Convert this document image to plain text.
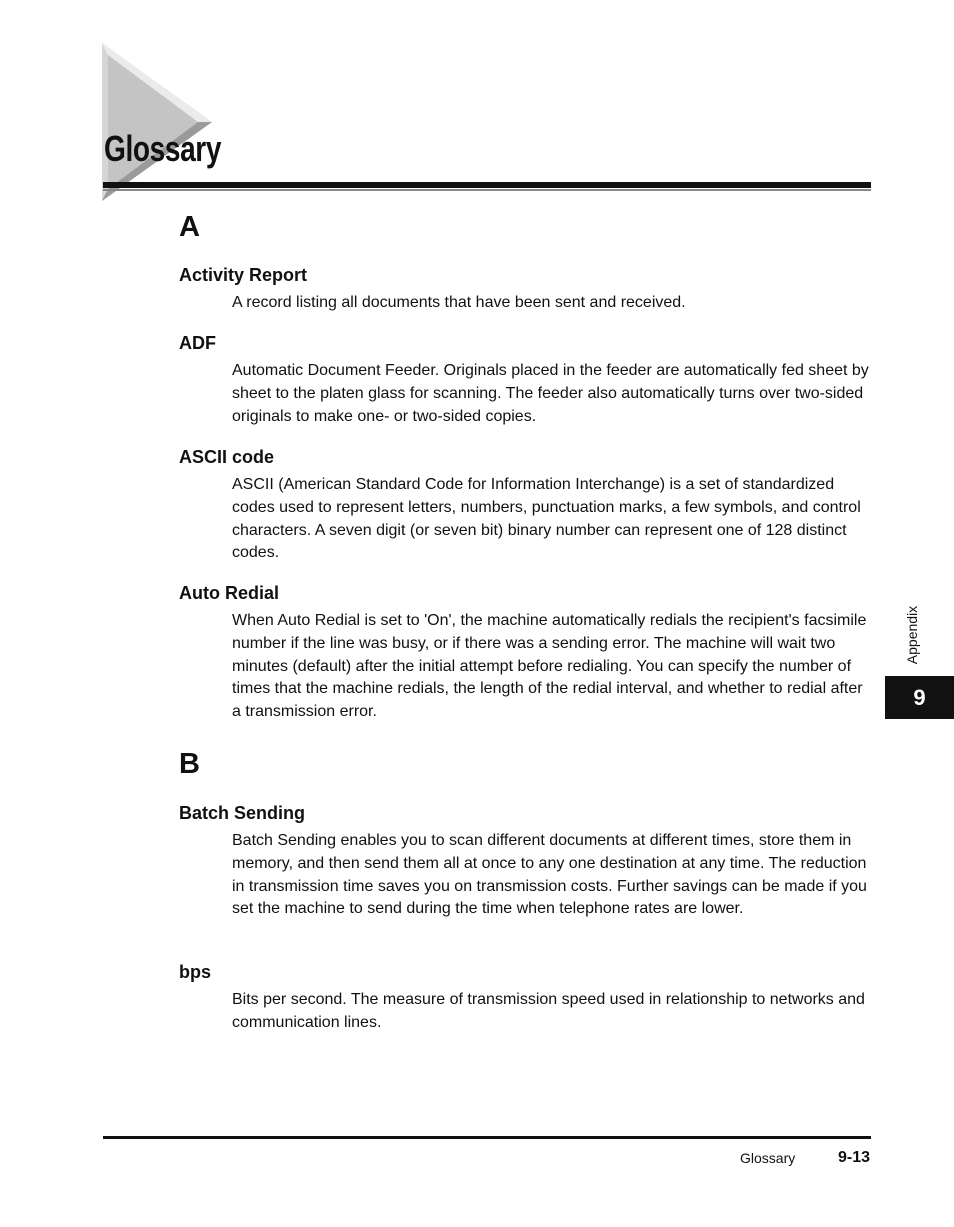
Glossary
A
Activity Report

A record listing all documents that have been sent and received.

ADF

Automatic Document Feeder. Originals placed in the feeder are automatically fed sheet by sheet to the platen glass for scanning. The feeder also automatically turns over two-sided originals to make one- or two-sided copies.

ASCII code

ASCII (American Standard Code for Information Interchange) is a set of standardized codes used to represent letters, numbers, punctuation marks, a few symbols, and control characters. A seven digit (or seven bit) binary number can represent one of 128 distinct codes.

Auto Redial

When Auto Redial is set to 'On', the machine automatically redials the recipient's facsimile number if the line was busy, or if there was a sending error. The machine will wait two minutes (default) after the initial attempt before redialing. You can specify the number of times that the machine redials, the length of the redial interval, and whether to redial after a transmission error.

B
Batch Sending

Batch Sending enables you to scan different documents at different times, store them in memory, and then send them all at once to any one destination at any time. The reduction in transmission time saves you on transmission costs. Further savings can be made if you set the machine to send during the time when telephone rates are lower.

bps

Bits per second. The measure of transmission speed used in relationship to networks and communication lines.

Appendix
9
Glossary	9-13
